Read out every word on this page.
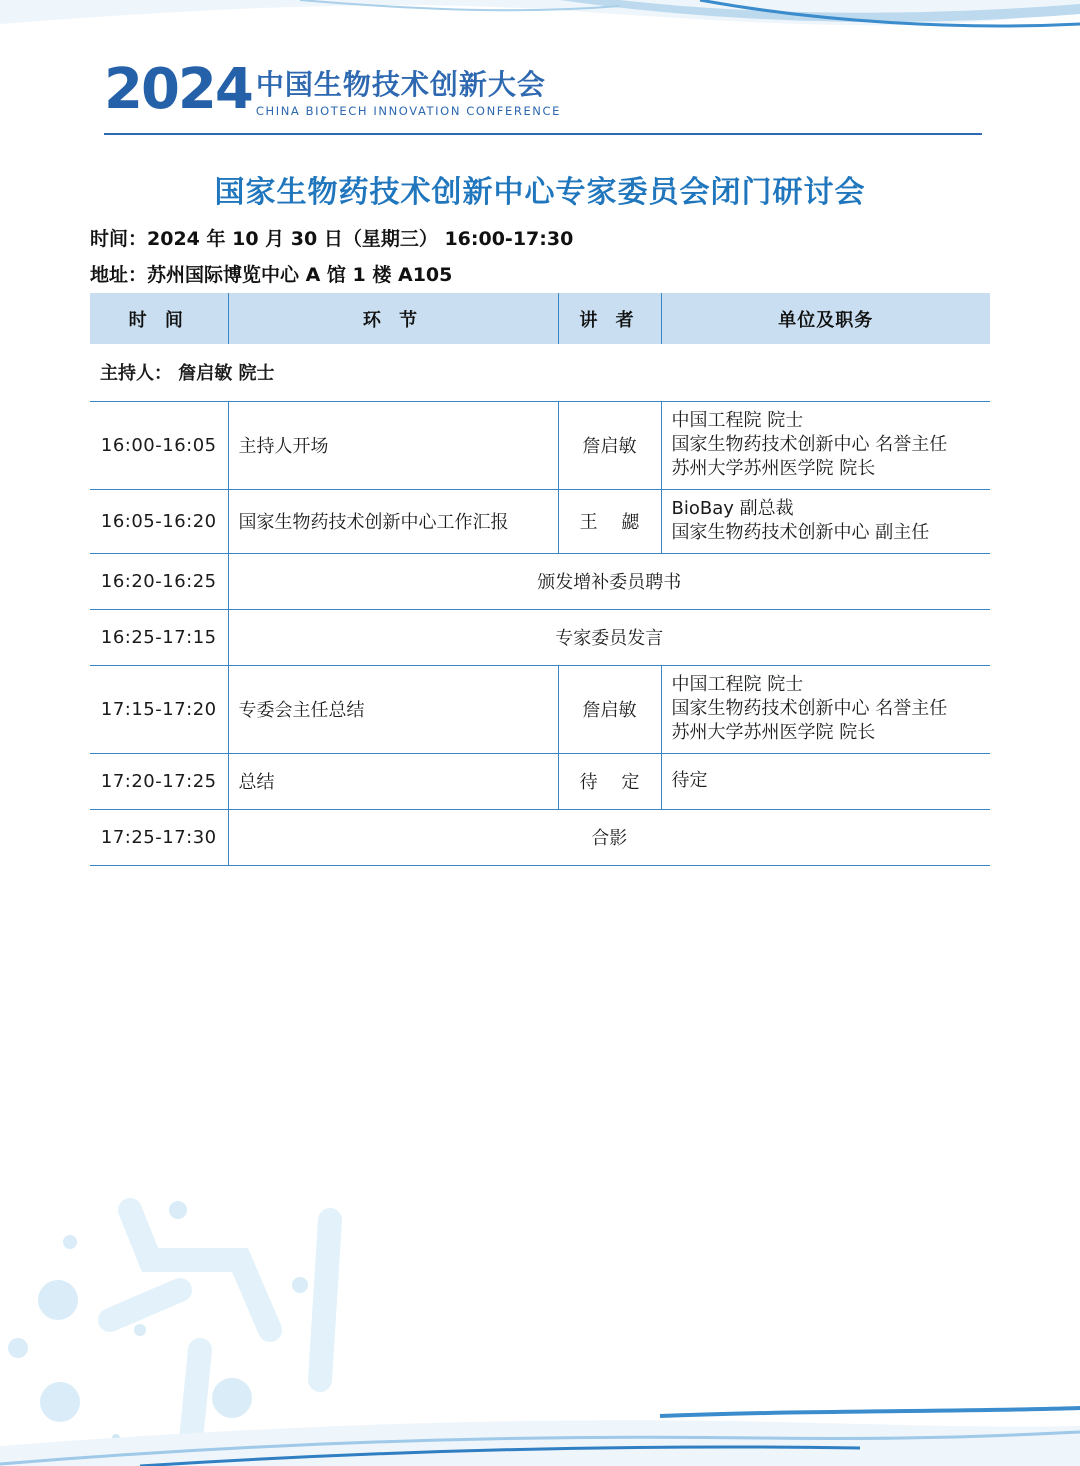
2024 中国生物技术创新大会
CHINA BIOTECH INNOVATION CONFERENCE
国家生物药技术创新中心专家委员会闭门研讨会
时间：2024 年 10 月 30 日（星期三） 16:00-17:30
地址：苏州国际博览中心 A 馆 1 楼 A105
时 间	环 节	讲 者	单位及职务
主持人： 詹启敏 院士			
16:00-16:05	主持人开场	詹启敏	中国工程院 院士
国家生物药技术创新中心 名誉主任
苏州大学苏州医学院 院长

16:05-16:20	国家生物药技术创新中心工作汇报	王　 勰	BioBay 副总裁
国家生物药技术创新中心 副主任

16:20-16:25	颁发增补委员聘书		
16:25-17:15	专家委员发言		
17:15-17:20	专委会主任总结	詹启敏	中国工程院 院士
国家生物药技术创新中心 名誉主任
苏州大学苏州医学院 院长

17:20-17:25	总结	待　 定	待定

17:25-17:30	合影		
